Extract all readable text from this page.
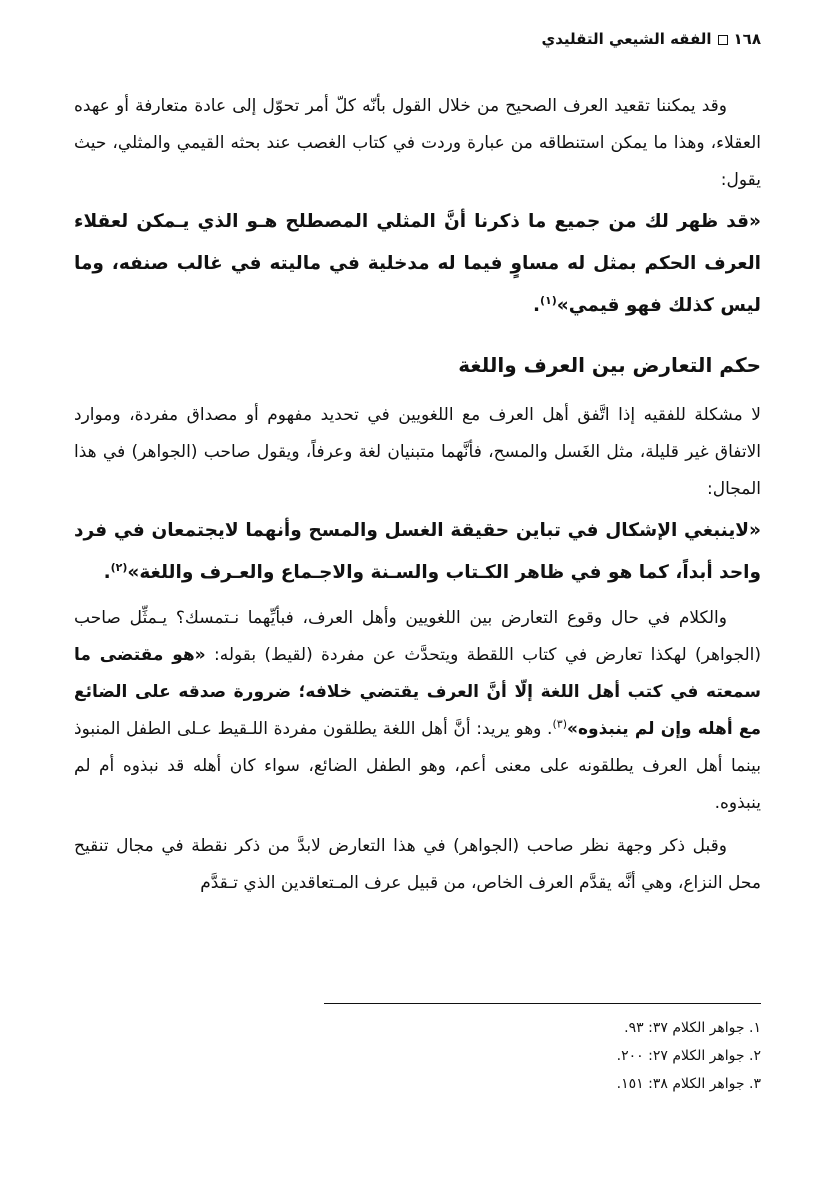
١٦٨الفقه الشيعي التقليدي

وقد يمكننا تقعيد العرف الصحيح من خلال القول بأنّه كلّ أمر تحوّل إلى عادة متعارفة أو عهده العقلاء، وهذا ما يمكن استنطاقه من عبارة وردت في كتاب الغصب عند بحثه القيمي والمثلي، حيث يقول:

«قد ظهر لك من جميع ما ذكرنا أنَّ المثلي المصطلح هـو الذي يـمكن لعقلاء العرف الحكم بمثل له مساوٍ فيما له مدخلية في ماليته في غالب صنفه، وما ليس كذلك فهو قيمي»$^{(١)}$.

حكم التعارض بين العرف واللغة

لا مشكلة للفقيه إذا اتَّفق أهل العرف مع اللغويين في تحديد مفهوم أو مصداق مفردة، وموارد الاتفاق غير قليلة، مثل الغَسل والمسح، فأنَّهما متبنيان لغة وعرفاً، ويقول صاحب (الجواهر) في هذا المجال:

«لاينبغي الإشكال في تباين حقيقة الغسل والمسح وأنهما لايجتمعان في فرد واحد أبداً، كما هو في ظاهر الكـتاب والسـنة والاجـماع والعـرف واللغة»$^{(٢)}$.

والكلام في حال وقوع التعارض بين اللغويين وأهل العرف، فبأيِّهما نـتمسك؟ يـمثِّل صاحب (الجواهر) لهكذا تعارض في كتاب اللقطة ويتحدَّث عن مفردة (لقيط) بقوله: «هو مقتضى ما سمعته في كتب أهل اللغة إلّا أنَّ العرف يقتضي خلافه؛ ضرورة صدقه على الضائع مع أهله وإن لم ينبذوه»$^{(٣)}$. وهو يريد: أنَّ أهل اللغة يطلقون مفردة اللـقيط عـلى الطفل المنبوذ بينما أهل العرف يطلقونه على معنى أعم، وهو الطفل الضائع، سواء كان أهله قد نبذوه أم لم ينبذوه.

وقبل ذكر وجهة نظر صاحب (الجواهر) في هذا التعارض لابدَّ من ذكر نقطة في مجال تنقيح محل النزاع، وهي أنَّه يقدَّم العرف الخاص، من قبيل عرف المـتعاقدين الذي تـقدَّم

١. جواهر الكلام ٣٧: ٩٣.
٢. جواهر الكلام ٢٧: ٢٠٠.
٣. جواهر الكلام ٣٨: ١٥١.
